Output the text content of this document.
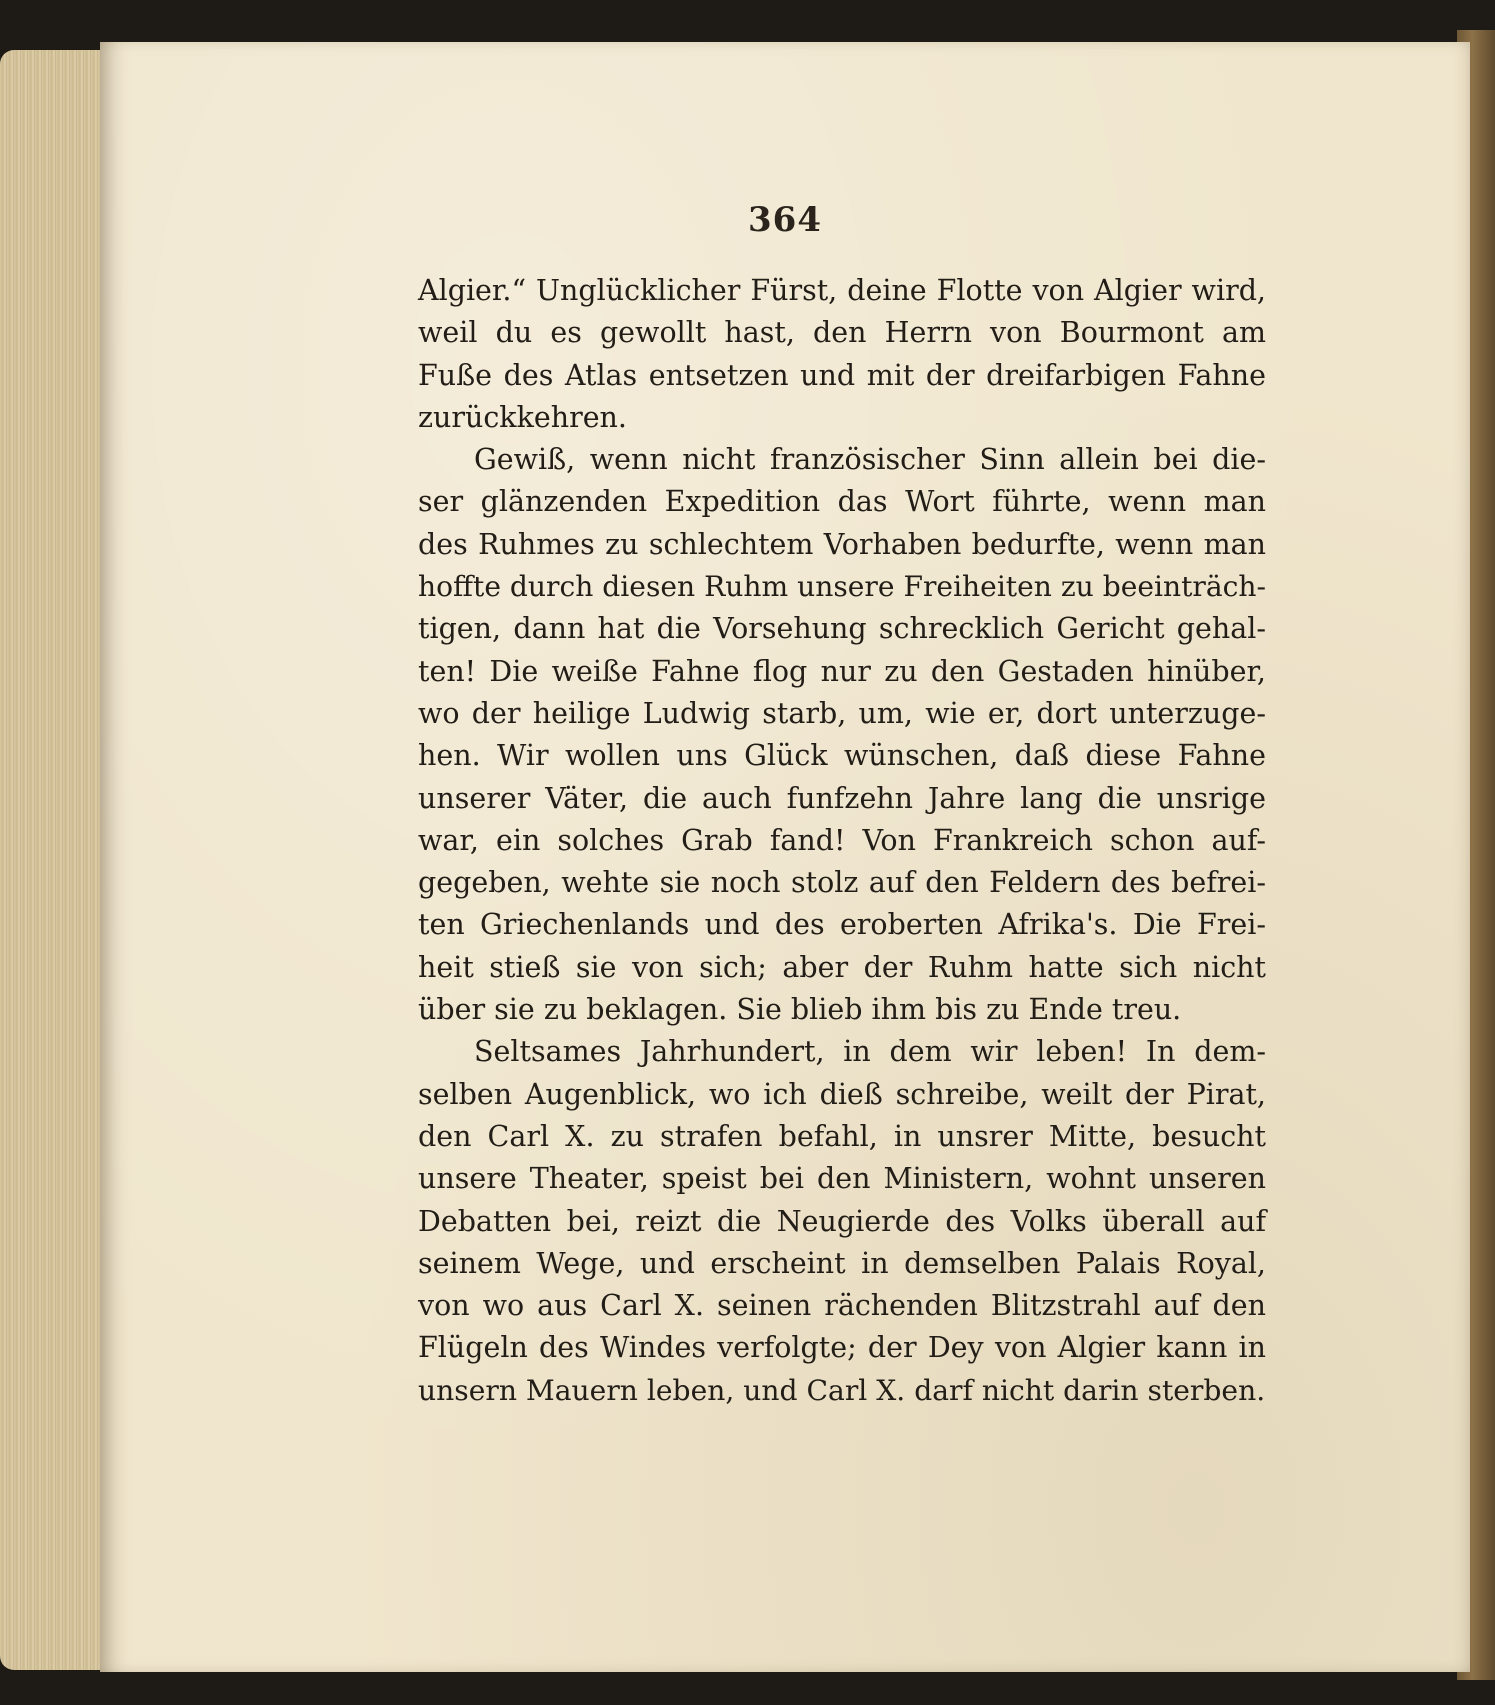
364
Algier.“ Unglücklicher Fürst, deine Flotte von Algier wird,
weil du es gewollt hast, den Herrn von Bourmont am
Fuße des Atlas entsetzen und mit der dreifarbigen Fahne
zurückkehren.
Gewiß, wenn nicht französischer Sinn allein bei die-
ser glänzenden Expedition das Wort führte, wenn man
des Ruhmes zu schlechtem Vorhaben bedurfte, wenn man
hoffte durch diesen Ruhm unsere Freiheiten zu beeinträch-
tigen, dann hat die Vorsehung schrecklich Gericht gehal-
ten! Die weiße Fahne flog nur zu den Gestaden hinüber,
wo der heilige Ludwig starb, um, wie er, dort unterzuge-
hen. Wir wollen uns Glück wünschen, daß diese Fahne
unserer Väter, die auch funfzehn Jahre lang die unsrige
war, ein solches Grab fand! Von Frankreich schon auf-
gegeben, wehte sie noch stolz auf den Feldern des befrei-
ten Griechenlands und des eroberten Afrika's. Die Frei-
heit stieß sie von sich; aber der Ruhm hatte sich nicht
über sie zu beklagen. Sie blieb ihm bis zu Ende treu.
Seltsames Jahrhundert, in dem wir leben! In dem-
selben Augenblick, wo ich dieß schreibe, weilt der Pirat,
den Carl X. zu strafen befahl, in unsrer Mitte, besucht
unsere Theater, speist bei den Ministern, wohnt unseren
Debatten bei, reizt die Neugierde des Volks überall auf
seinem Wege, und erscheint in demselben Palais Royal,
von wo aus Carl X. seinen rächenden Blitzstrahl auf den
Flügeln des Windes verfolgte; der Dey von Algier kann in
unsern Mauern leben, und Carl X. darf nicht darin sterben.
